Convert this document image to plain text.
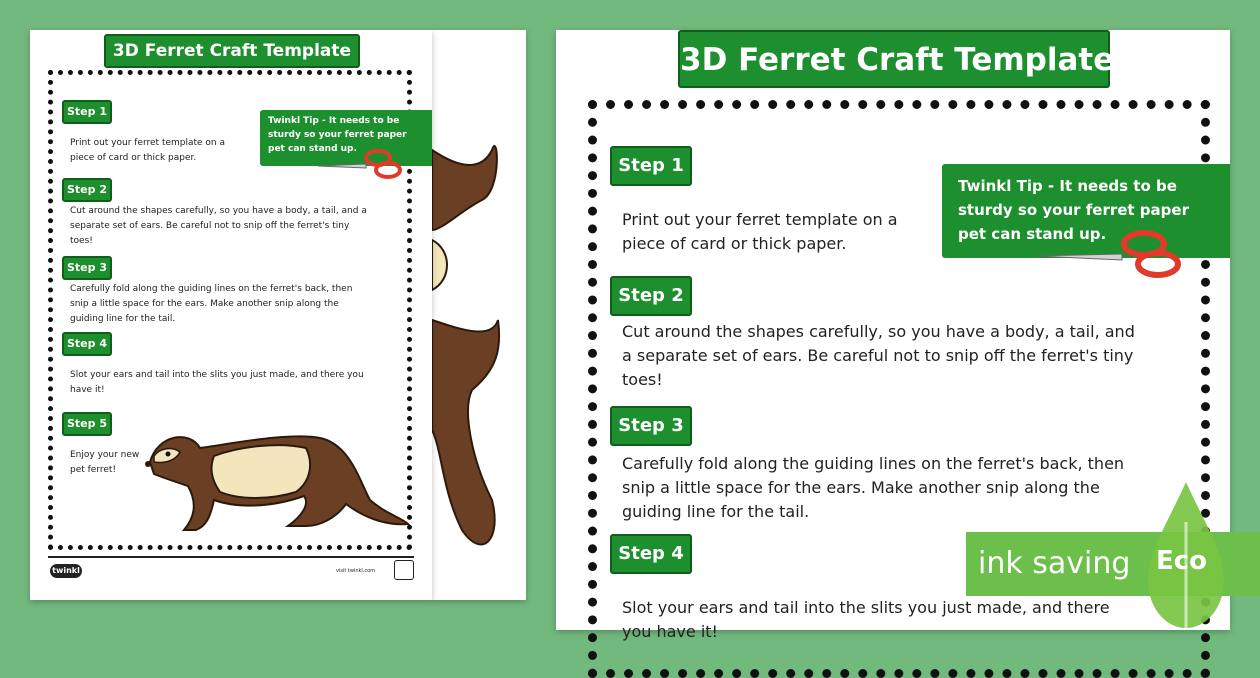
3D Ferret Craft Template
Step 1
Print out your ferret template on a piece of card or thick paper.
Step 2
Cut around the shapes carefully, so you have a body, a tail, and a separate set of ears. Be careful not to snip off the ferret's tiny toes!
Step 3
Carefully fold along the guiding lines on the ferret's back, then snip a little space for the ears. Make another snip along the guiding line for the tail.
Step 4
Slot your ears and tail into the slits you just made, and there you have it!
Step 5
Enjoy your new pet ferret!
Twinkl Tip - It needs to be sturdy so your ferret paper pet can stand up.
twinkl	visit twinkl.com
3D Ferret Craft Template
Step 1
Print out your ferret template on a piece of card or thick paper.
Step 2
Cut around the shapes carefully, so you have a body, a tail, and a separate set of ears. Be careful not to snip off the ferret's tiny toes!
Step 3
Carefully fold along the guiding lines on the ferret's back, then snip a little space for the ears. Make another snip along the guiding line for the tail.
Step 4
Slot your ears and tail into the slits you just made, and there you have it!
Twinkl Tip - It needs to be sturdy so your ferret paper pet can stand up.
ink saving Eco
